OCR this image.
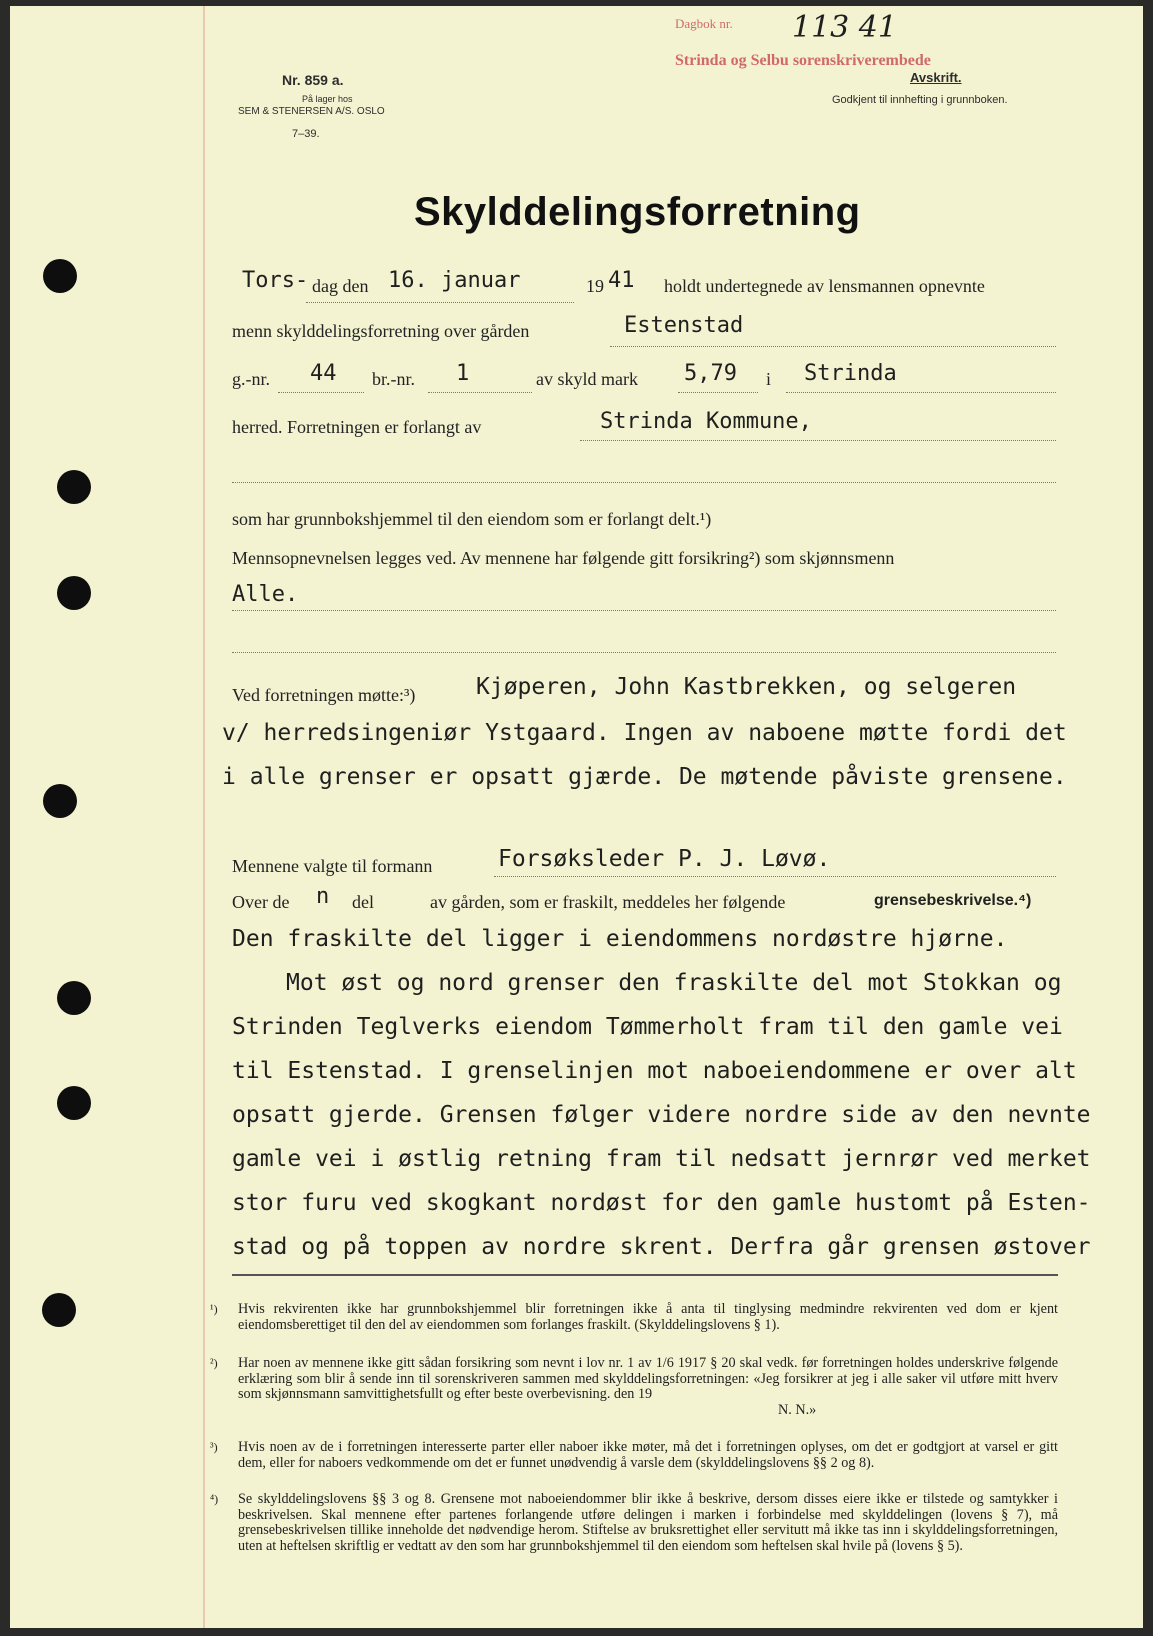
Nr. 859 a.
På lager hos
SEM & STENERSEN A/S. OSLO
7–39.
Dagbok nr. 113 41
Strinda og Selbu sorenskriverembede
Avskrift.
Godkjent til innhefting i grunnboken.
Skylddelingsforretning
Tors- dag den 16. januar	19 41 holdt undertegnede av lensmannen opnevnte
menn skylddelingsforretning over gården	Estenstad
g.-nr. 44 br.-nr. 1	av skyld mark 5,79 i Strinda
herred. Forretningen er forlangt av	Strinda Kommune,
som har grunnbokshjemmel til den eiendom som er forlangt delt.¹)
Mennsopnevnelsen legges ved. Av mennene har følgende gitt forsikring²) som skjønnsmenn
Alle.
Ved forretningen møtte:³)	Kjøperen, John Kastbrekken, og selgeren
v/ herredsingeniør Ystgaard. Ingen av naboene møtte fordi det
i alle grenser er opsatt gjærde. De møtende påviste grensene.
Mennene valgte til formann	Forsøksleder P. J. Løvø.
Over de n del	av gården, som er fraskilt, meddeles her følgende	grensebeskrivelse.⁴)
Den fraskilte del ligger i eiendommens nordøstre hjørne.
Mot øst og nord grenser den fraskilte del mot Stokkan og
Strinden Teglverks eiendom Tømmerholt fram til den gamle vei
til Estenstad. I grenselinjen mot naboeiendommene er over alt
opsatt gjerde. Grensen følger videre nordre side av den nevnte
gamle vei i østlig retning fram til nedsatt jernrør ved merket
stor furu ved skogkant nordøst for den gamle hustomt på Esten-
stad og på toppen av nordre skrent. Derfra går grensen østover
¹) Hvis rekvirenten ikke har grunnbokshjemmel blir forretningen ikke å anta til tinglysing medmindre rekvirenten ved dom er kjent eiendomsberettiget til den del av eiendommen som forlanges fraskilt. (Skylddelingslovens § 1).

²) Har noen av mennene ikke gitt sådan forsikring som nevnt i lov nr. 1 av 1/6 1917 § 20 skal vedk. før forretningen holdes underskrive følgende erklæring som blir å sende inn til sorenskriveren sammen med skylddelingsforretningen: «Jeg forsikrer at jeg i alle saker vil utføre mitt hverv som skjønnsmann samvittighetsfullt og efter beste overbevisning. den 19

N. N.»

³) Hvis noen av de i forretningen interesserte parter eller naboer ikke møter, må det i forretningen oplyses, om det er godtgjort at varsel er gitt dem, eller for naboers vedkommende om det er funnet unødvendig å varsle dem (skylddelingslovens §§ 2 og 8).

⁴) Se skylddelingslovens §§ 3 og 8. Grensene mot naboeiendommer blir ikke å beskrive, dersom disses eiere ikke er tilstede og samtykker i beskrivelsen. Skal mennene efter partenes forlangende utføre delingen i marken i forbindelse med skylddelingen (lovens § 7), må grensebeskrivelsen tillike inneholde det nødvendige herom. Stiftelse av bruksrettighet eller servitutt må ikke tas inn i skylddelingsforretningen, uten at heftelsen skriftlig er vedtatt av den som har grunnbokshjemmel til den eiendom som heftelsen skal hvile på (lovens § 5).
